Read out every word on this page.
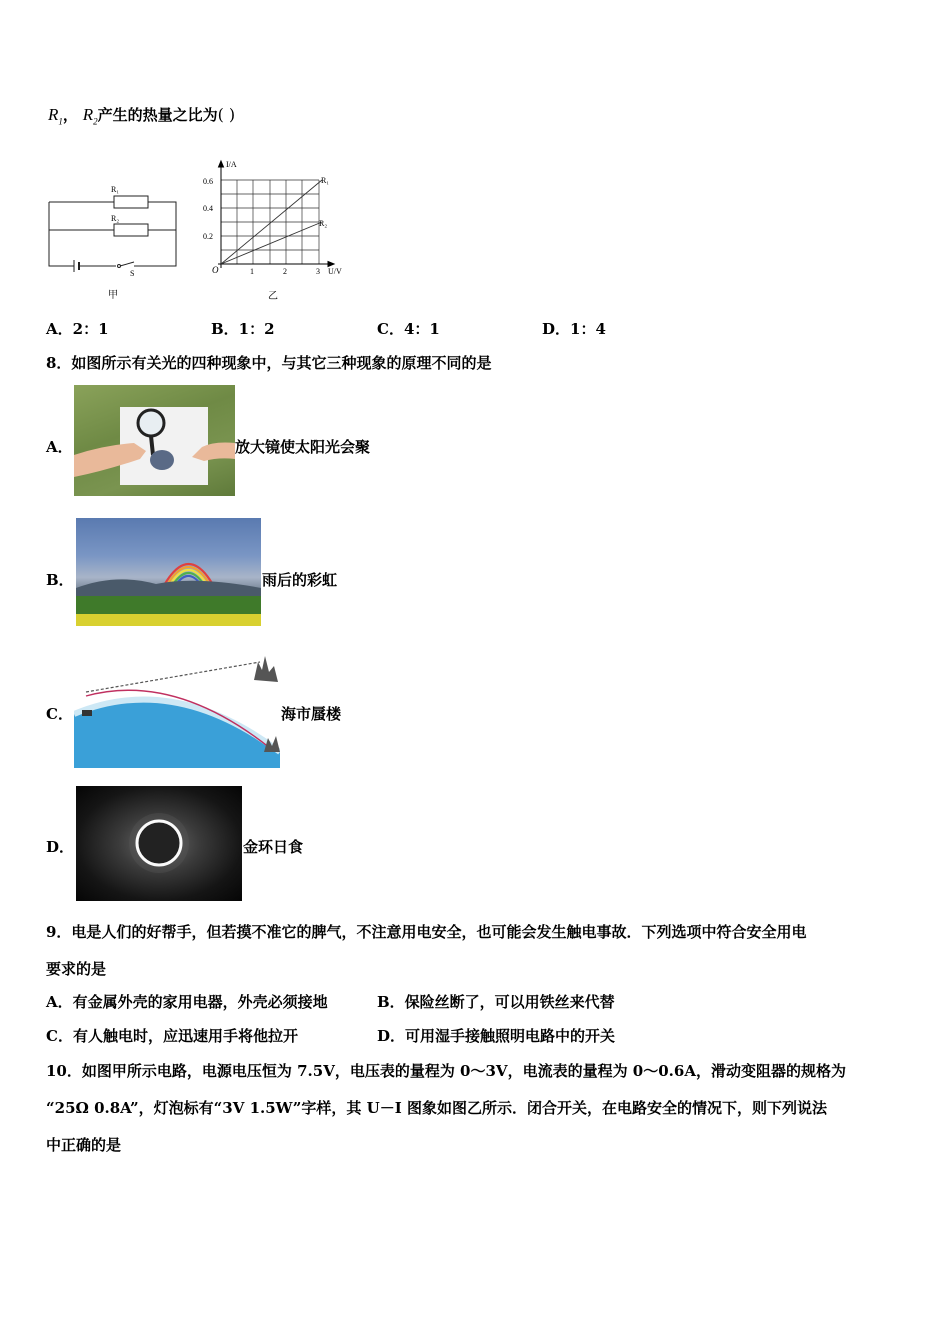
$R_1$， $R_2$产生的热量之比为( )
R₁
R₂
S
甲
I/A
U/V
O
0.6
0.4
0.2
1	2	3
R₁
R₂
乙
A．2：1	B．1：2	C．4：1	D．1：4
8．如图所示有关光的四种现象中，与其它三种现象的原理不同的是
A．	放大镜使太阳光会聚
B．	雨后的彩虹
C．	海市蜃楼
D．	金环日食
9．电是人们的好帮手，但若摸不准它的脾气，不注意用电安全，也可能会发生触电事故．下列选项中符合安全用电
要求的是
A．有金属外壳的家用电器，外壳必须接地	B．保险丝断了，可以用铁丝来代替
C．有人触电时，应迅速用手将他拉开	D．可用湿手接触照明电路中的开关
10．如图甲所示电路，电源电压恒为 7.5V，电压表的量程为 0～3V，电流表的量程为 0～0.6A，滑动变阻器的规格为
“25Ω 0.8A”，灯泡标有“3V 1.5W”字样，其 U－I 图象如图乙所示．闭合开关，在电路安全的情况下，则下列说法
中正确的是
